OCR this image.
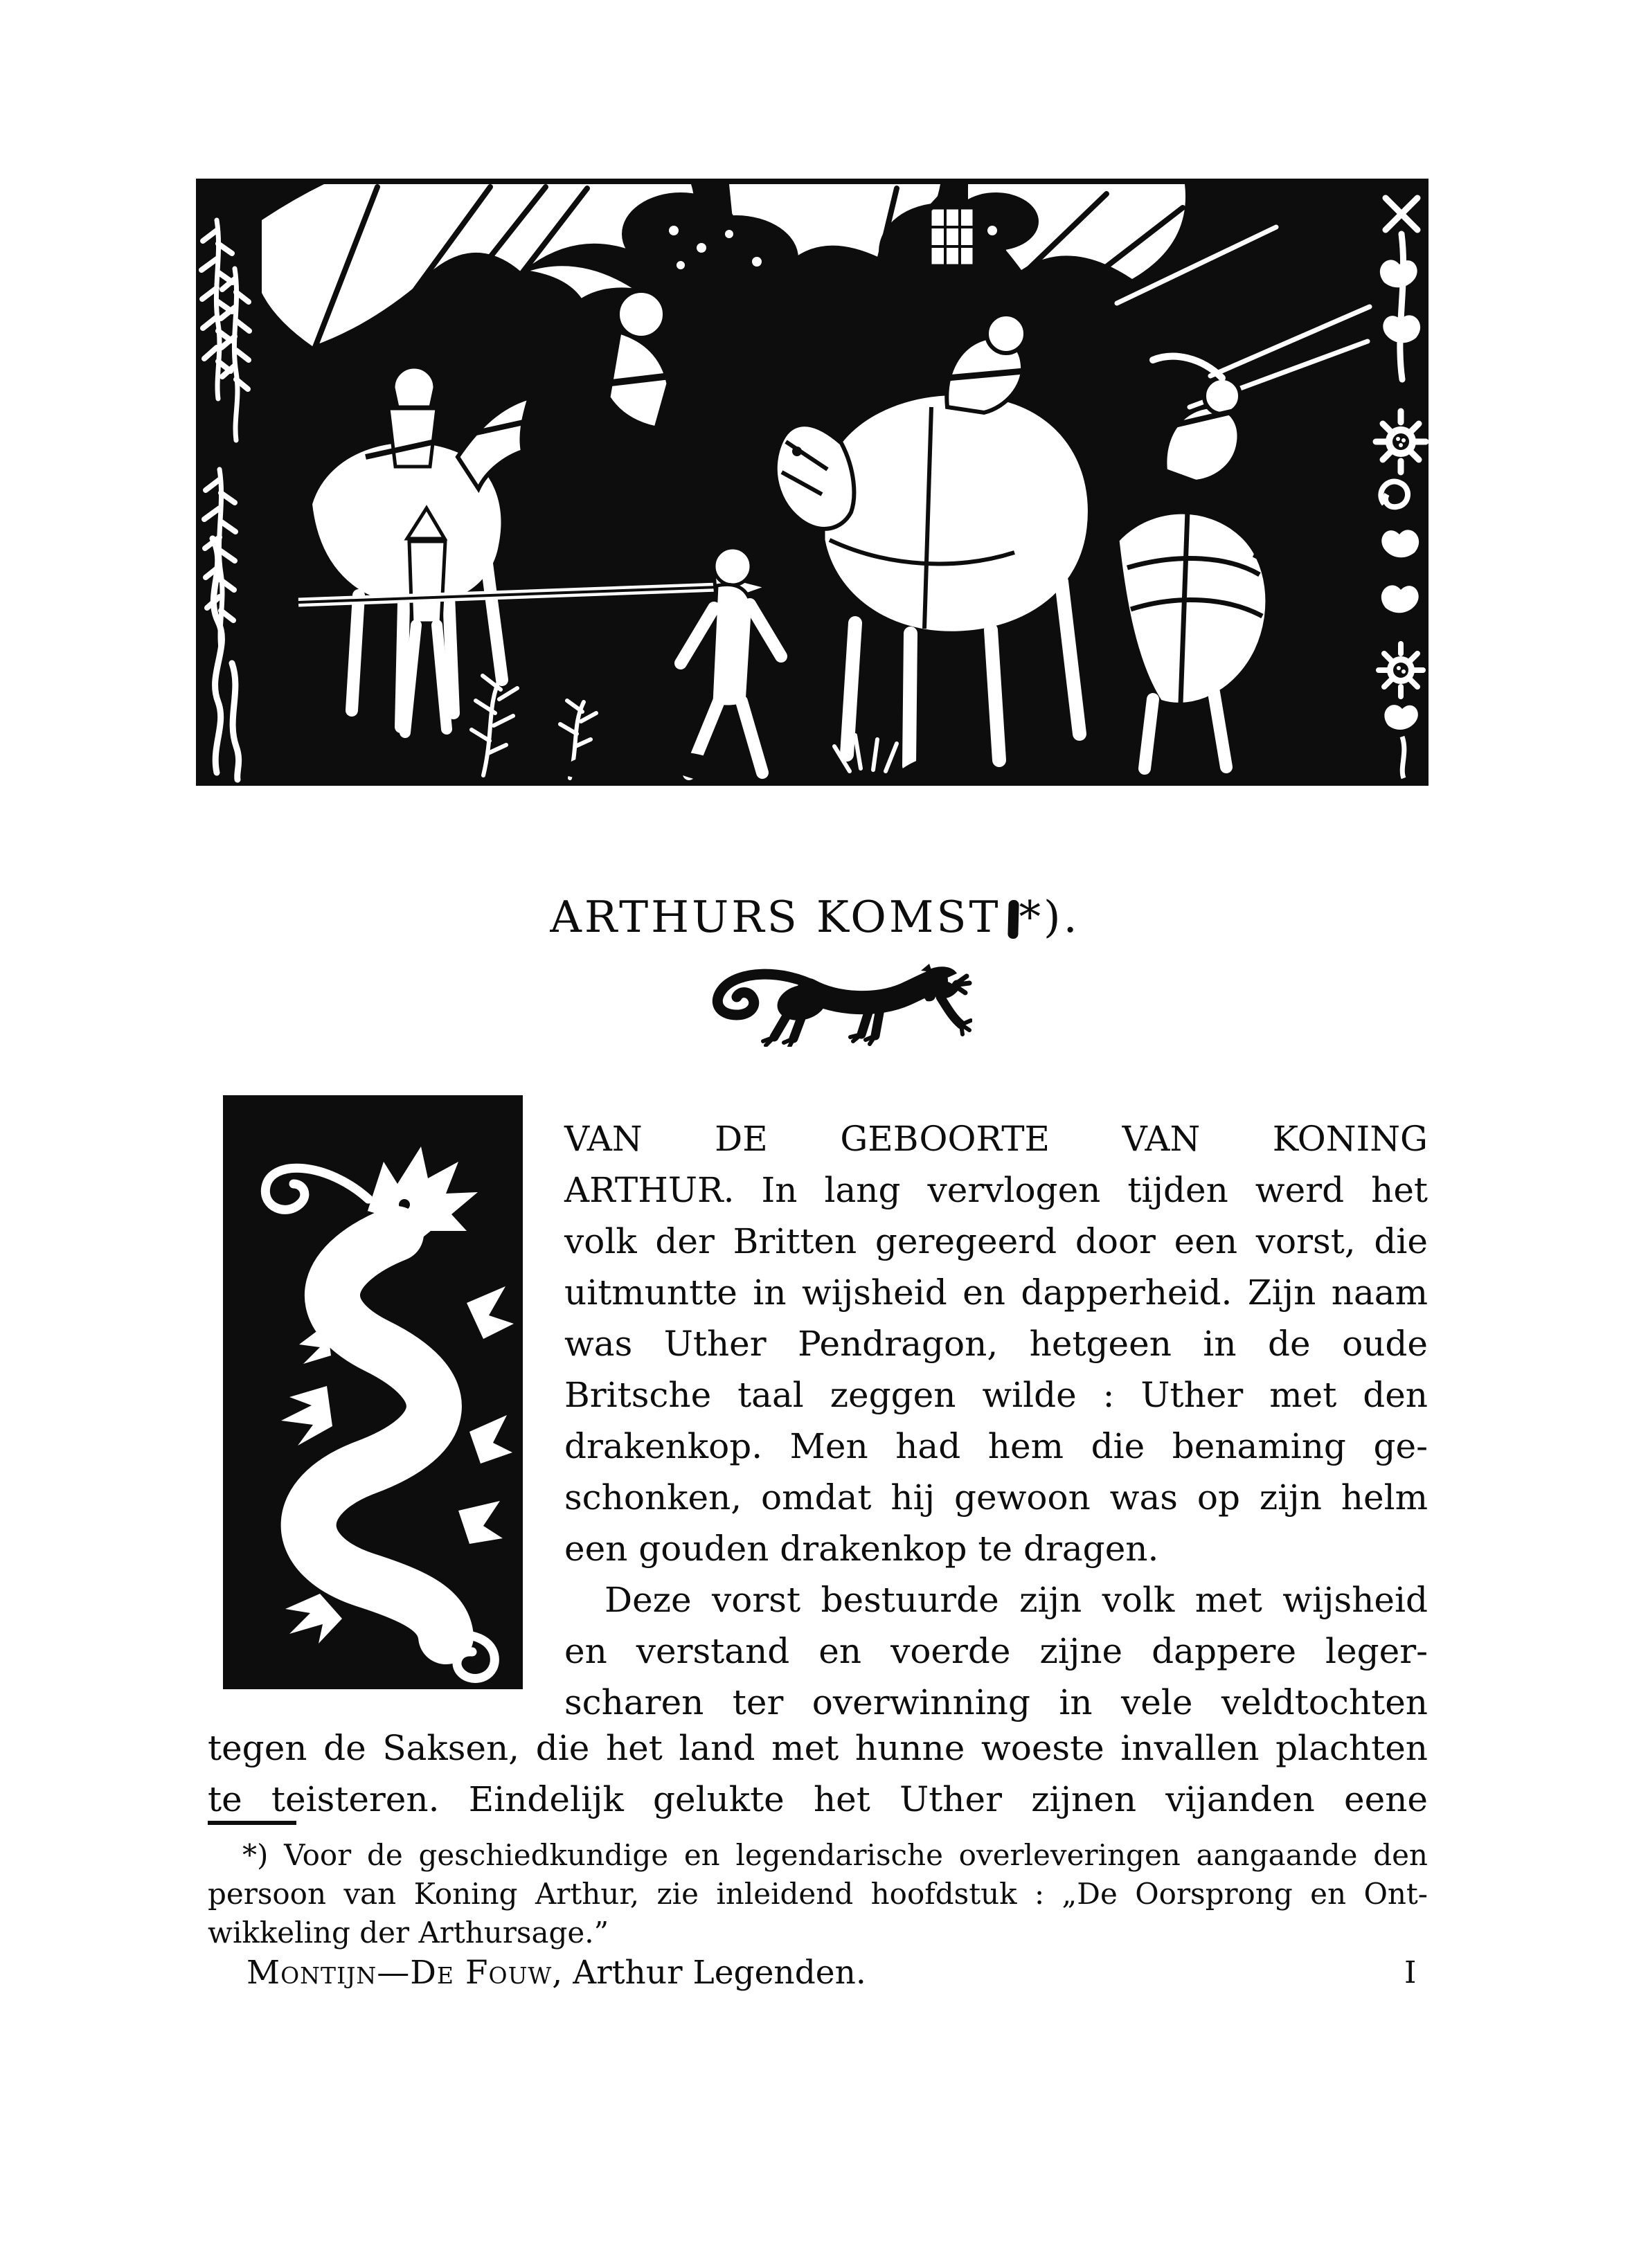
ARTHURS KOMST *).
VAN DE GEBOORTE VAN KONING
ARTHUR. In lang vervlogen tijden werd het
volk der Britten geregeerd door een vorst, die
uitmuntte in wijsheid en dapperheid. Zijn naam
was Uther Pendragon, hetgeen in de oude
Britsche taal zeggen wilde : Uther met den
drakenkop. Men had hem die benaming ge-
schonken, omdat hij gewoon was op zijn helm
een gouden drakenkop te dragen.
Deze vorst bestuurde zijn volk met wijsheid
en verstand en voerde zijne dappere leger-
scharen ter overwinning in vele veldtochten
tegen de Saksen, die het land met hunne woeste invallen plachten
te teisteren. Eindelijk gelukte het Uther zijnen vijanden eene
*) Voor de geschiedkundige en legendarische overleveringen aangaande den
persoon van Koning Arthur, zie inleidend hoofdstuk : „De Oorsprong en Ont-
wikkeling der Arthursage.”
Montijn—De Fouw, Arthur Legenden.	I
